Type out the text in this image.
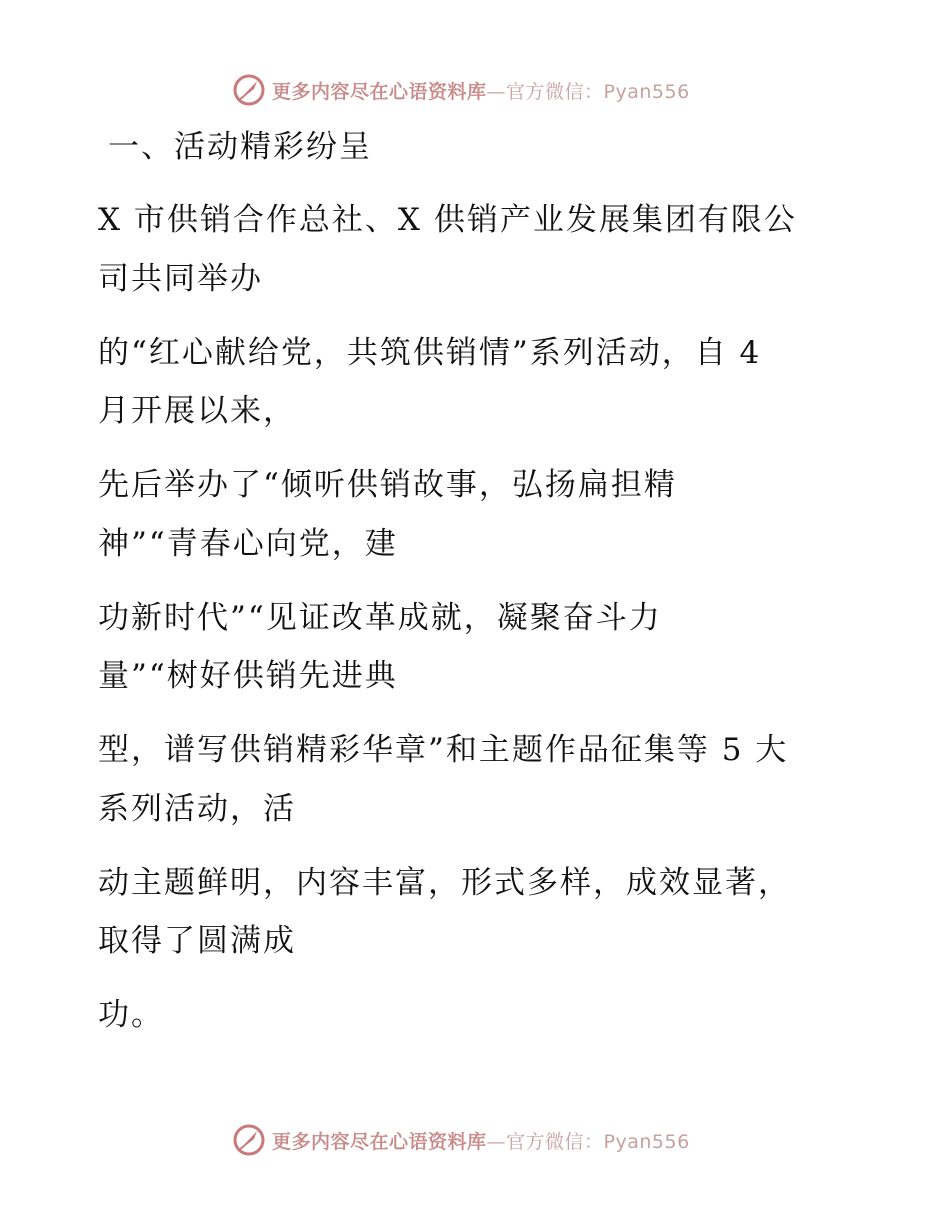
更多内容尽在心语资料库—官方微信：Pyan556
一、活动精彩纷呈
X 市供销合作总社、X 供销产业发展集团有限公
司共同举办
的“红心献给党，共筑供销情”系列活动，自 4
月开展以来，
先后举办了“倾听供销故事，弘扬扁担精
神”“青春心向党，建
功新时代”“见证改革成就，凝聚奋斗力
量”“树好供销先进典
型，谱写供销精彩华章”和主题作品征集等 5 大
系列活动，活
动主题鲜明，内容丰富，形式多样，成效显著，
取得了圆满成
功。
更多内容尽在心语资料库—官方微信：Pyan556
